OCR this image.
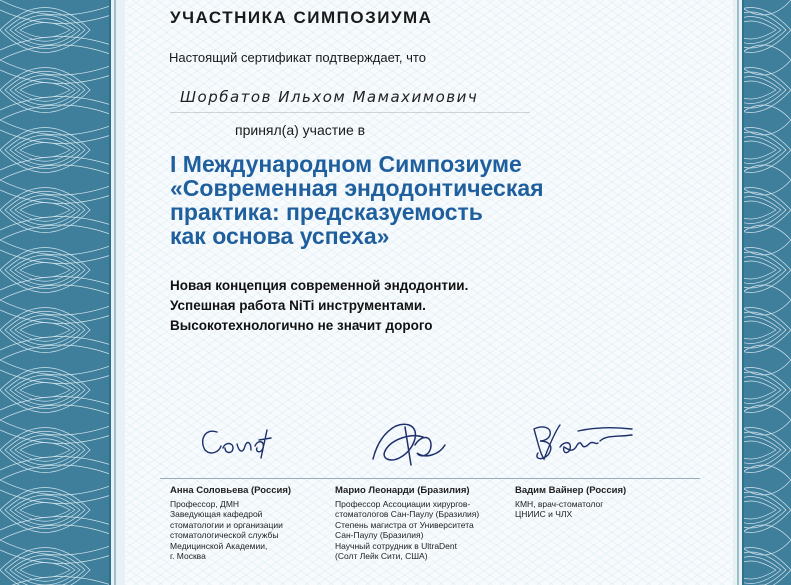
УЧАСТНИКА СИМПОЗИУМА
Настоящий сертификат подтверждает, что
Шорбатов Ильхом Мамахимович
принял(а) участие в
I Международном Симпозиуме
«Современная эндодонтическая
практика: предсказуемость
как основа успеха»
Новая концепция современной эндодонтии.
Успешная работа NiTi инструментами.
Высокотехнологично не значит дорого
Анна Соловьева (Россия)
Профессор, ДМН
Заведующая кафедрой
стоматологии и организации
стоматологической службы
Медицинской Академии,
г. Москва
Марио Леонарди (Бразилия)
Профессор Ассоциации хирургов-
стоматологов Сан-Паулу (Бразилия)
Степень магистра от Университета
Сан-Паулу (Бразилия)
Научный сотрудник в UltraDent
(Солт Лейк Сити, США)
Вадим Вайнер (Россия)
КМН, врач-стоматолог
ЦНИИС и ЧЛХ
